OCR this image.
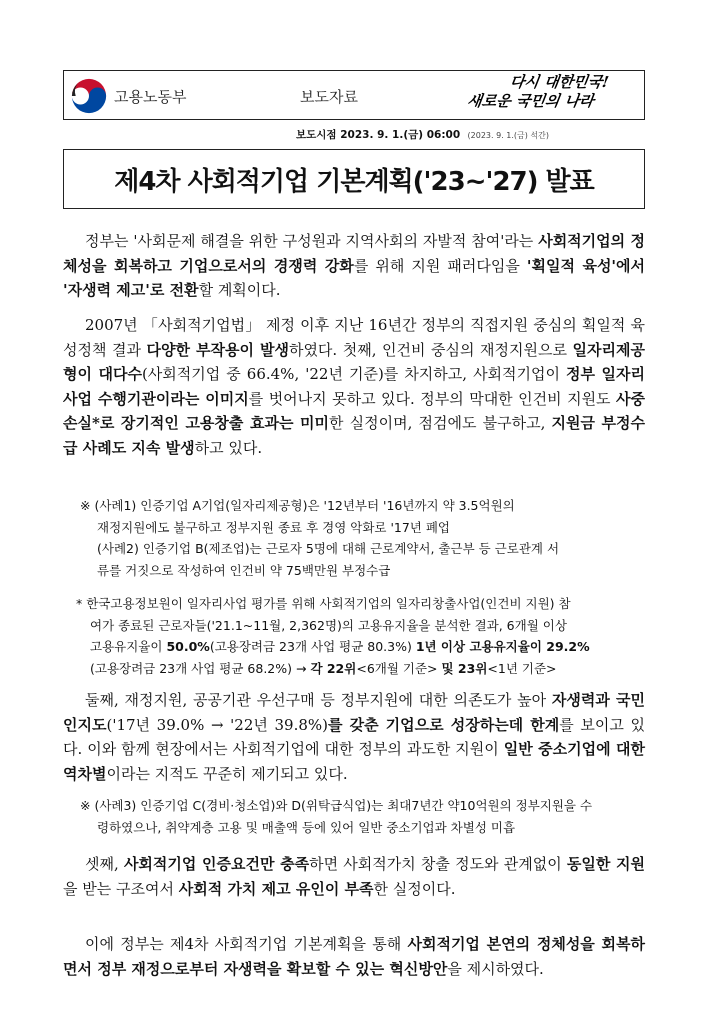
고용노동부	보도자료
다시 대한민국!
새로운 국민의 나라
보도시점 2023. 9. 1.(금) 06:00 (2023. 9. 1.(금) 석간)
제4차 사회적기업 기본계획('23~'27) 발표

정부는 '사회문제 해결을 위한 구성원과 지역사회의 자발적 참여'라는 사회적기업의 정체성을 회복하고 기업으로서의 경쟁력 강화를 위해 지원 패러다임을 '획일적 육성'에서 '자생력 제고'로 전환할 계획이다.

2007년 「사회적기업법」 제정 이후 지난 16년간 정부의 직접지원 중심의 획일적 육성정책 결과 다양한 부작용이 발생하였다. 첫째, 인건비 중심의 재정지원으로 일자리제공형이 대다수(사회적기업 중 66.4%, '22년 기준)를 차지하고, 사회적기업이 정부 일자리 사업 수행기관이라는 이미지를 벗어나지 못하고 있다. 정부의 막대한 인건비 지원도 사중손실*로 장기적인 고용창출 효과는 미미한 실정이며, 점검에도 불구하고, 지원금 부정수급 사례도 지속 발생하고 있다.

※ (사례1) 인증기업 A기업(일자리제공형)은 '12년부터 '16년까지 약 3.5억원의
재정지원에도 불구하고 정부지원 종료 후 경영 악화로 '17년 폐업
(사례2) 인증기업 B(제조업)는 근로자 5명에 대해 근로계약서, 출근부 등 근로관계 서
류를 거짓으로 작성하여 인건비 약 75백만원 부정수급
* 한국고용정보원이 일자리사업 평가를 위해 사회적기업의 일자리창출사업(인건비 지원) 참
여가 종료된 근로자들('21.1~11월, 2,362명)의 고용유지율을 분석한 결과, 6개월 이상
고용유지율이 50.0%(고용장려금 23개 사업 평균 80.3%) 1년 이상 고용유지율이 29.2%
(고용장려금 23개 사업 평균 68.2%) → 각 22위<6개월 기준> 및 23위<1년 기준>

둘째, 재정지원, 공공기관 우선구매 등 정부지원에 대한 의존도가 높아 자생력과 국민 인지도('17년 39.0% → '22년 39.8%)를 갖춘 기업으로 성장하는데 한계를 보이고 있다. 이와 함께 현장에서는 사회적기업에 대한 정부의 과도한 지원이 일반 중소기업에 대한 역차별이라는 지적도 꾸준히 제기되고 있다.

※ (사례3) 인증기업 C(경비·청소업)와 D(위탁급식업)는 최대7년간 약10억원의 정부지원을 수
령하였으나, 취약계층 고용 및 매출액 등에 있어 일반 중소기업과 차별성 미흡

셋째, 사회적기업 인증요건만 충족하면 사회적가치 창출 정도와 관계없이 동일한 지원을 받는 구조여서 사회적 가치 제고 유인이 부족한 실정이다.

이에 정부는 제4차 사회적기업 기본계획을 통해 사회적기업 본연의 정체성을 회복하면서 정부 재정으로부터 자생력을 확보할 수 있는 혁신방안을 제시하였다.
